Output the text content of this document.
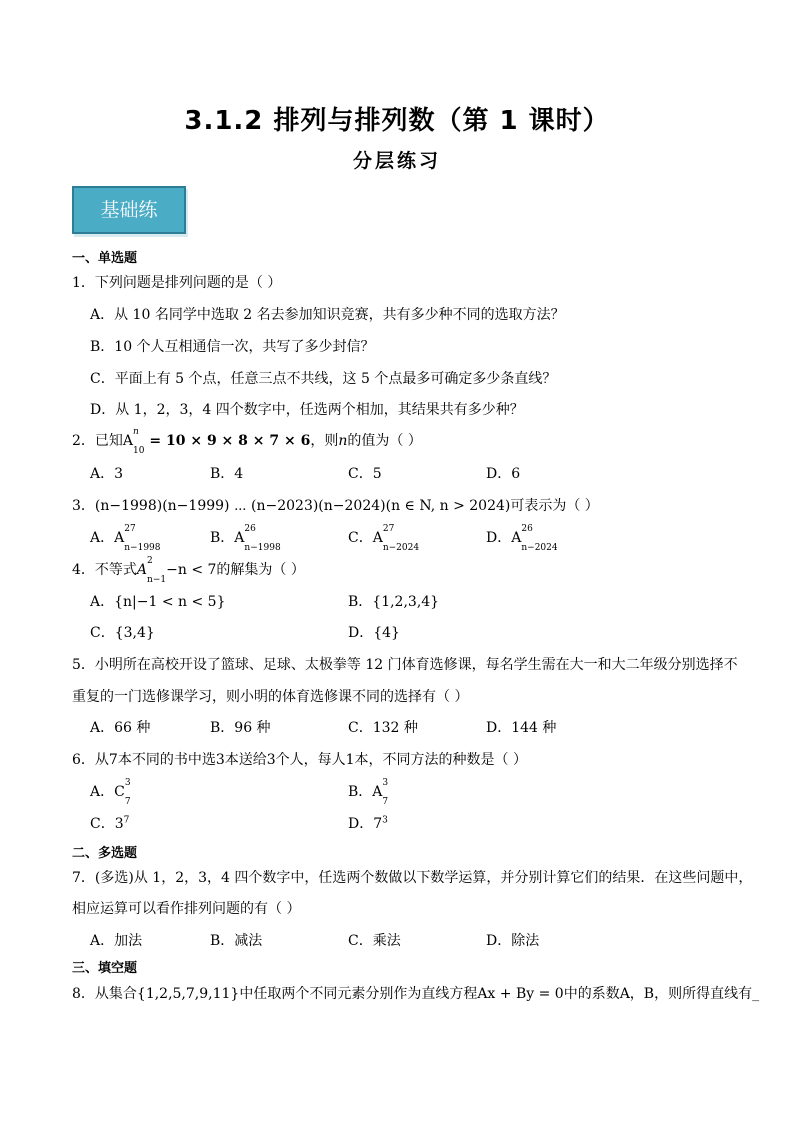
3.1.2 排列与排列数（第 1 课时）
分层练习
基础练
一、单选题
1．下列问题是排列问题的是（ ）
A．从 10 名同学中选取 2 名去参加知识竞赛，共有多少种不同的选取方法？
B．10 个人互相通信一次，共写了多少封信？
C．平面上有 5 个点，任意三点不共线，这 5 个点最多可确定多少条直线？
D．从 1，2，3，4 四个数字中，任选两个相加，其结果共有多少种？
2．已知A
n
$_{10}$ = 10 × 9 × 8 × 7 × 6，则n的值为（ ）
A．3	B．4	C．5	D．6
3．(n−1998)(n−1999) ⋯ (n−2023)(n−2024)(n ∈ N, n > 2024)可表示为（ ）
A．A
27
$_{n-1998}$
B．A
26
$_{n-1998}$
C．A
27
$_{n-2024}$
D．A
26
$_{n-2024}$
4．不等式A
2
$_{n-1}$−n < 7的解集为（ ）
A．{n|−1 < n < 5}	B．{1,2,3,4}
C．{3,4}	D．{4}
5．小明所在高校开设了篮球、足球、太极拳等 12 门体育选修课，每名学生需在大一和大二年级分别选择不
重复的一门选修课学习，则小明的体育选修课不同的选择有（ ）
A．66 种	B．96 种	C．132 种	D．144 种
6．从7本不同的书中选3本送给3个人，每人1本，不同方法的种数是（ ）
A．C
3
$_7$
B．A
3
$_7$
C．$3^7$	D．$7^3$
二、多选题
7．(多选)从 1，2，3，4 四个数字中，任选两个数做以下数学运算，并分别计算它们的结果．在这些问题中，
相应运算可以看作排列问题的有（ ）
A．加法	B．减法	C．乘法	D．除法
三、填空题
8．从集合{1,2,5,7,9,11}中任取两个不同元素分别作为直线方程Ax + By = 0中的系数A，B，则所得直线有_
